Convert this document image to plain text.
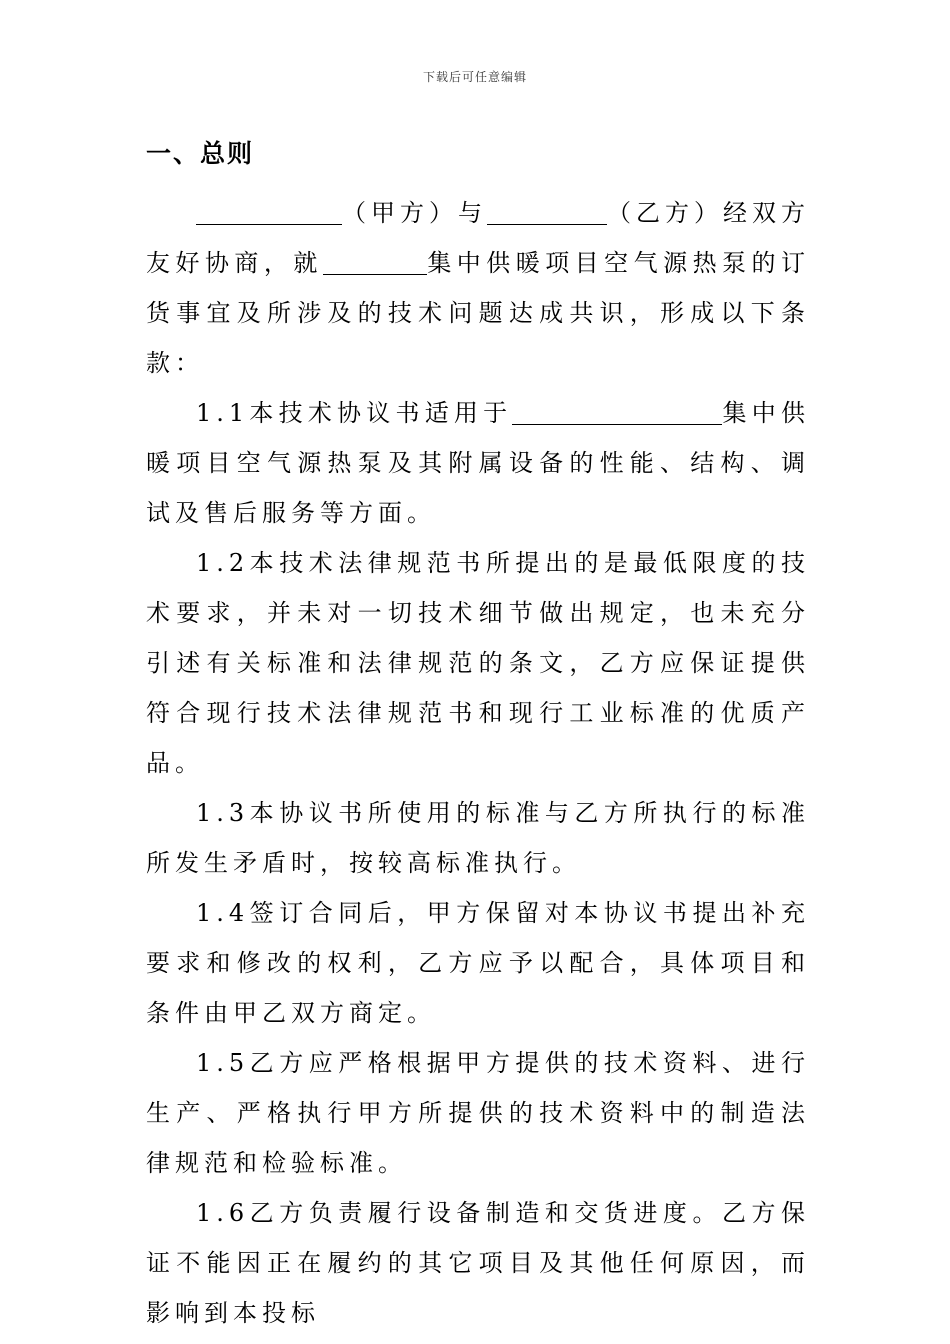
下载后可任意编辑
一、总则

（甲方）与	（乙方）经双方友好协商，就	集中供暖项目空气源热泵的订货事宜及所涉及的技术问题达成共识，形成以下条款：

1.1本技术协议书适用于	集中供暖项目空气源热泵及其附属设备的性能、结构、调试及售后服务等方面。

1.2本技术法律规范书所提出的是最低限度的技术要求，并未对一切技术细节做出规定，也未充分引述有关标准和法律规范的条文，乙方应保证提供符合现行技术法律规范书和现行工业标准的优质产品。

1.3本协议书所使用的标准与乙方所执行的标准所发生矛盾时，按较高标准执行。

1.4签订合同后，甲方保留对本协议书提出补充要求和修改的权利，乙方应予以配合，具体项目和条件由甲乙双方商定。

1.5乙方应严格根据甲方提供的技术资料、进行生产、严格执行甲方所提供的技术资料中的制造法律规范和检验标准。

1.6乙方负责履行设备制造和交货进度。乙方保证不能因正在履约的其它项目及其他任何原因，而影响到本投标
